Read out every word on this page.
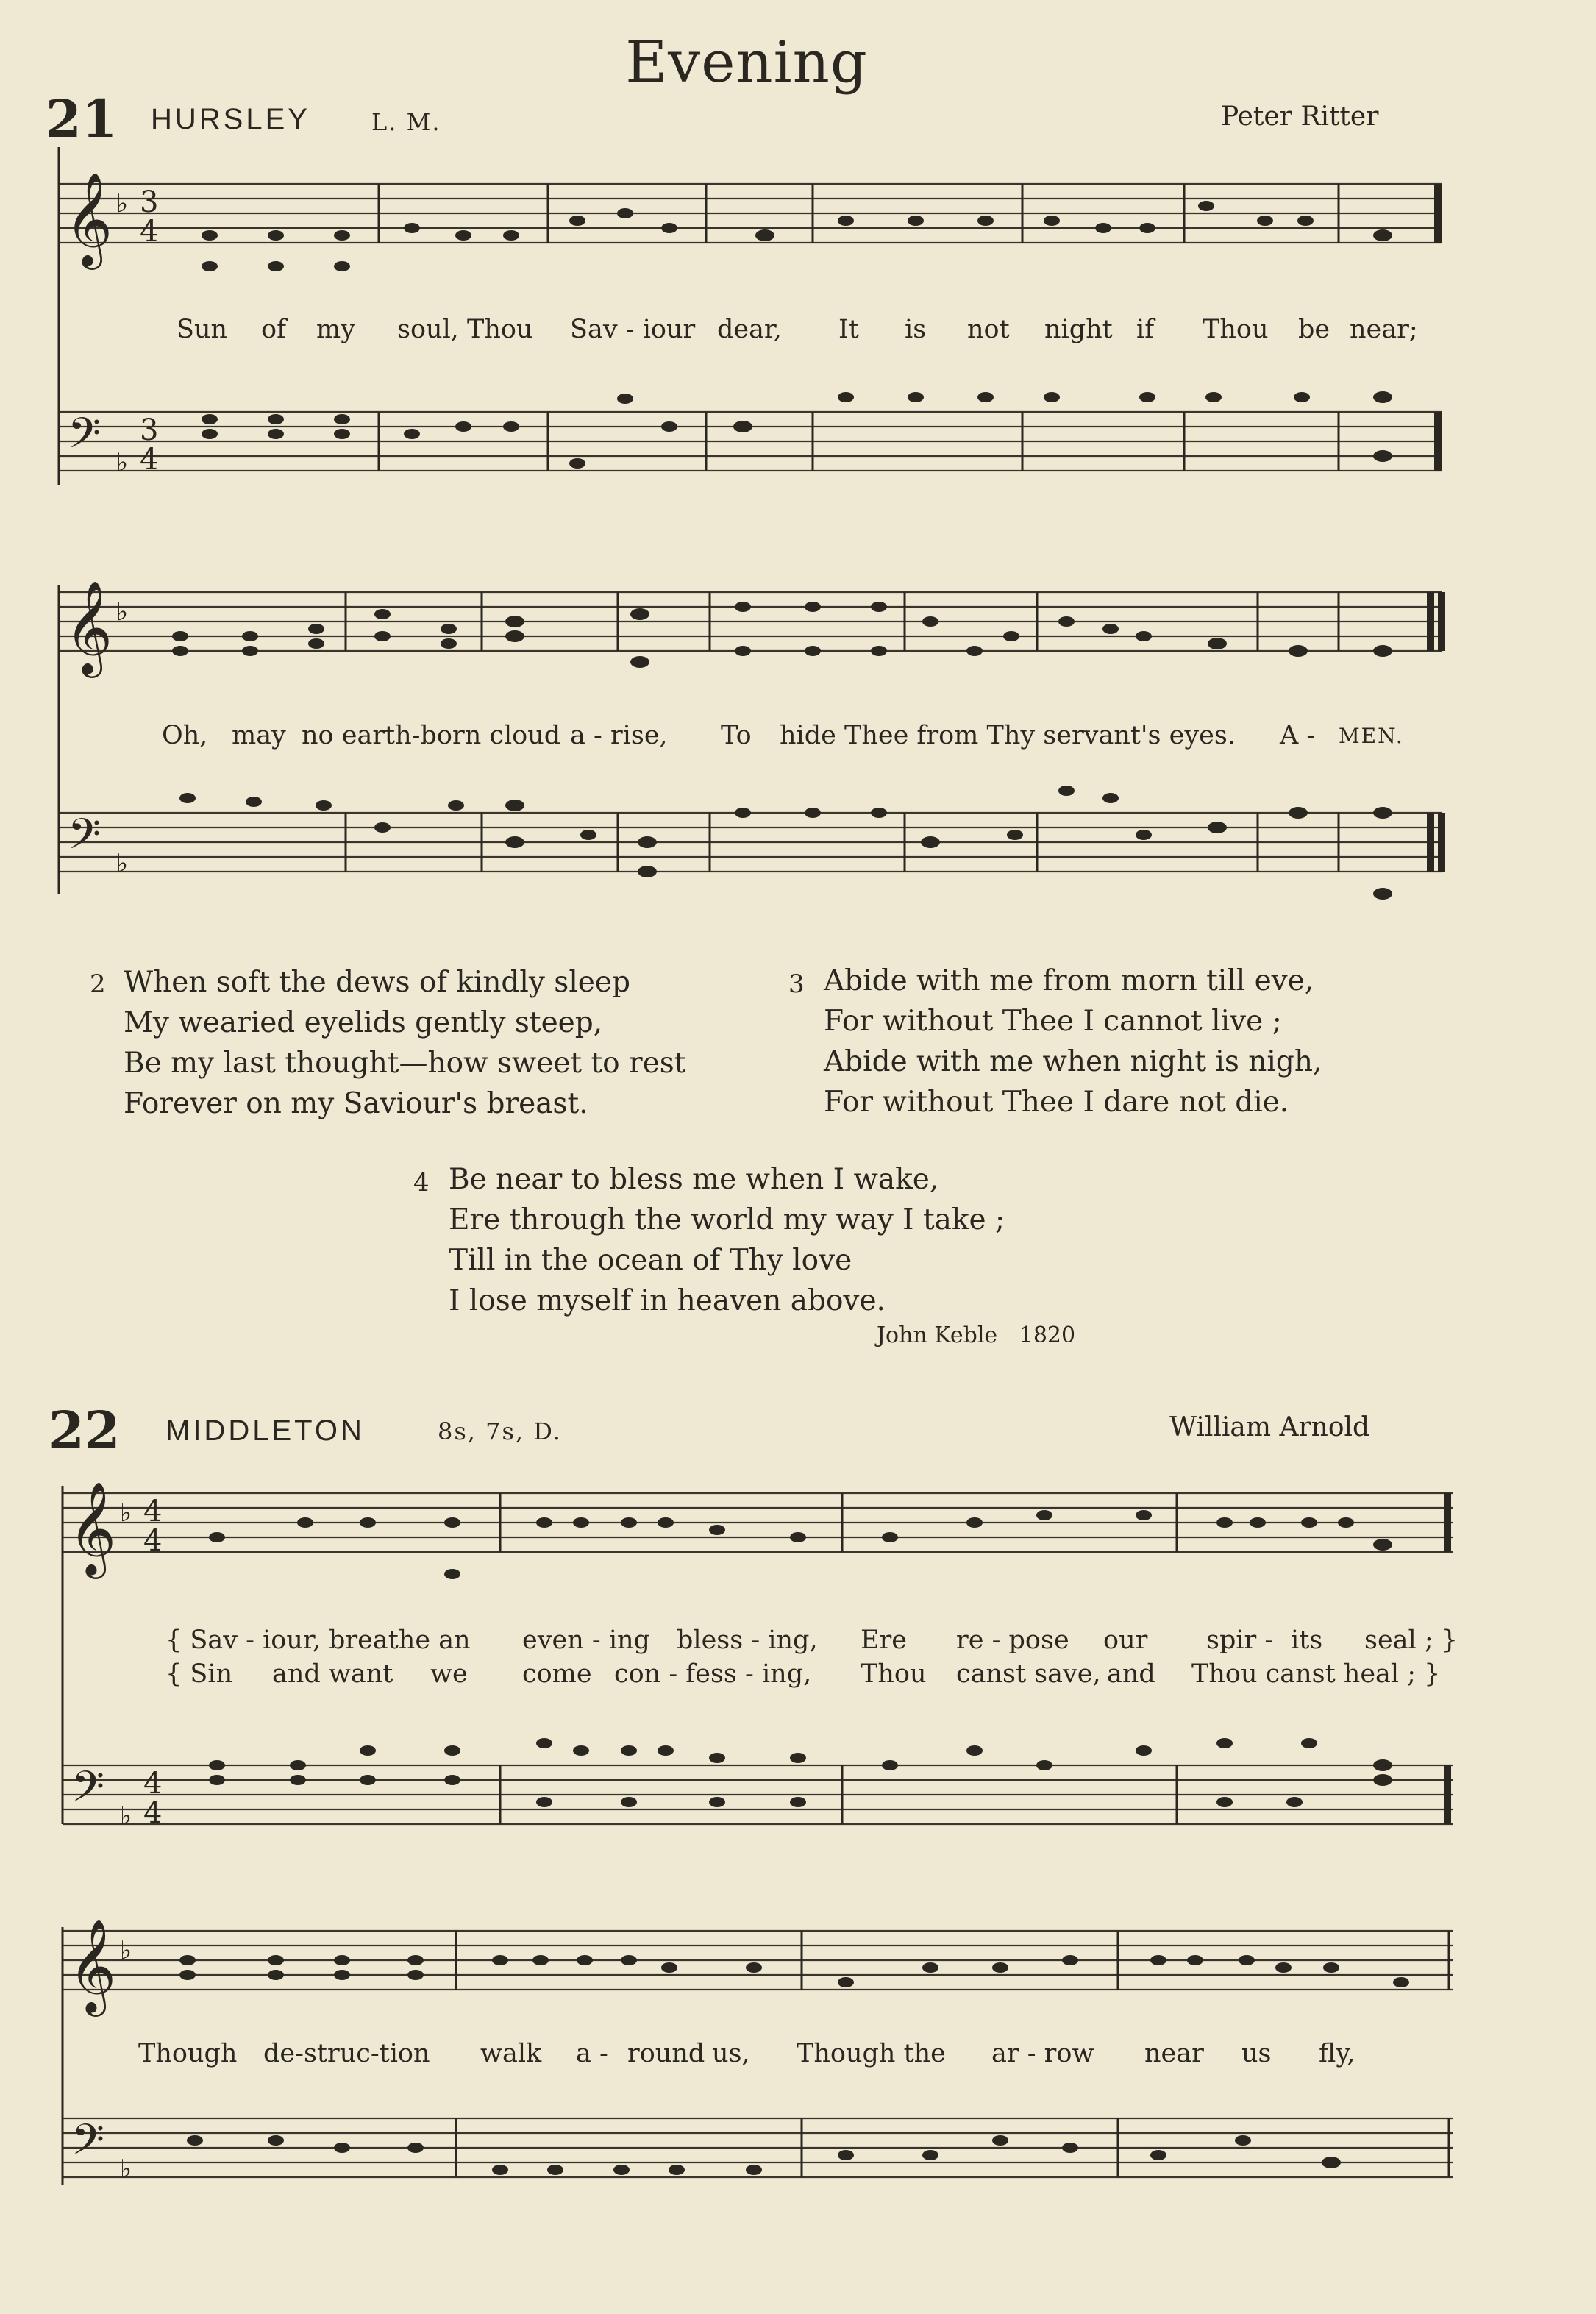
Evening
21 HURSLEY	L. M.	Peter Ritter
𝄞 ♭ 3
4
Sun of my soul, Thou Sav - iour dear, It is not night if Thou be near;
𝄢 ♭
3
4
𝄞 ♭
Oh, may no earth-born cloud a - rise, To hide Thee from Thy servant's eyes. A - MEN.
𝄢 ♭
2 When soft the dews of kindly sleep
My wearied eyelids gently steep,
Be my last thought—how sweet to rest
Forever on my Saviour's breast.
3 Abide with me from morn till eve,
For without Thee I cannot live ;
Abide with me when night is nigh,
For without Thee I dare not die.
4 Be near to bless me when I wake,
Ere through the world my way I take ;
Till in the ocean of Thy love
I lose myself in heaven above.
John Keble 1820
22 MIDDLETON	8s, 7s, D.	William Arnold
𝄞 ♭ 4
4
{ Sav - iour, breathe an even - ing bless - ing, Ere re - pose our spir - its seal ; }
{ Sin and want we come con - fess - ing, Thou canst save, and Thou canst heal ; }
𝄢 ♭
4
4
𝄞 ♭
Though de-struc-tion walk a - round us, Though the ar - row near us fly,
𝄢 ♭
